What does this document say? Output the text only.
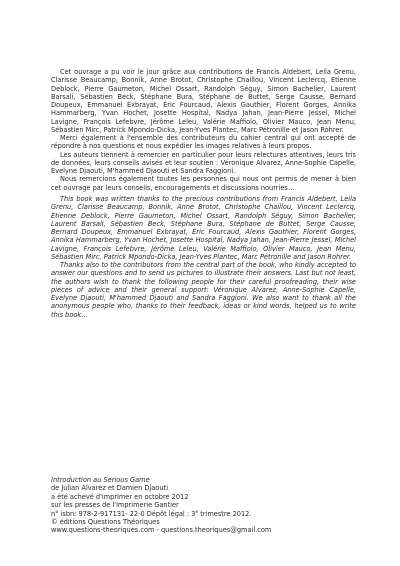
Cet ouvrage a pu voir le jour grâce aux contributions de Francis Aldebert, Leila Grenu, Clarisse Beaucamp, Bonnik, Anne Brotot, Christophe Chaillou, Vincent Leclercq, Etienne Deblock, Pierre Gaumeton, Michel Ossart, Randolph Séguy, Simon Bachelier, Laurent Barsali, Sébastien Beck, Stéphane Bura, Stéphane de Buttet, Serge Causse, Bernard Doupeux, Emmanuel Exbrayat, Éric Fourcaud, Alexis Gauthier, Florent Gorges, Annika Hammarberg, Yvan Hochet, Josette Hospital, Nadya Jahan, Jean-Pierre Jessel, Michel Lavigne, François Lefebvre, Jérôme Leleu, Valérie Maffiolo, Olivier Mauco, Jean Menu, Sébastien Mirc, Patrick Mpondo-Dicka, Jean-Yves Plantec, Marc Pétronille et Jason Rohrer.

Merci également à l'ensemble des contributeurs du cahier central qui ont accepté de répondre à nos questions et nous expédier les images relatives à leurs propos.

Les auteurs tiennent à remercier en particulier pour leurs relectures attentives, leurs tris de données, leurs conseils avisés et leur soutien : Véronique Alvarez, Anne-Sophie Capelle, Evelyne Djaouti, M'hammed Djaouti et Sandra Faggioni.

Nous remercions également toutes les personnes qui nous ont permis de mener à bien cet ouvrage par leurs conseils, encouragements et discussions nourries…

This book was written thanks to the precious contributions from Francis Aldebert, Leila Grenu, Clarisse Beaucamp, Bonnik, Anne Brotot, Christophe Chaillou, Vincent Leclercq, Etienne Deblock, Pierre Gaumeton, Michel Ossart, Randolph Séguy, Simon Bachelier, Laurent Barsali, Sébastien Beck, Stéphane Bura, Stéphane de Buttet, Serge Causse, Bernard Doupeux, Emmanuel Exbrayat, Éric Fourcaud, Alexis Gauthier, Florent Gorges, Annika Hammarberg, Yvan Hochet, Josette Hospital, Nadya Jahan, Jean-Pierre Jessel, Michel Lavigne, François Lefebvre, Jérôme Leleu, Valérie Maffiolo, Olivier Mauco, Jean Menu, Sébastien Mirc, Patrick Mpondo-Dicka, Jean-Yves Plantec, Marc Pétronille and Jason Rohrer.

Thanks also to the contributors from the central part of the book, who kindly accepted to answer our questions and to send us pictures to illustrate their answers. Last but not least, the authors wish to thank the following people for their careful proofreading, their wise pieces of advice and their general support: Véronique Alvarez, Anne-Sophie Capelle, Evelyne Djaouti, M'hammed Djaouti and Sandra Faggioni. We also want to thank all the anonymous people who, thanks to their feedback, ideas or kind words, helped us to write this book…

Introduction au Serious Game
de Julian Alvarez et Damien Djaouti
a été achevé d'imprimer en octobre 2012
sur les presses de l'imprimerie Gantier
n° isbn: 978-2-917131- 22-0 Dépôt légal : 3e trimestre 2012.
© éditions Questions Théoriques
www.questions-theoriques.com - questions.theoriques@gmail.com
